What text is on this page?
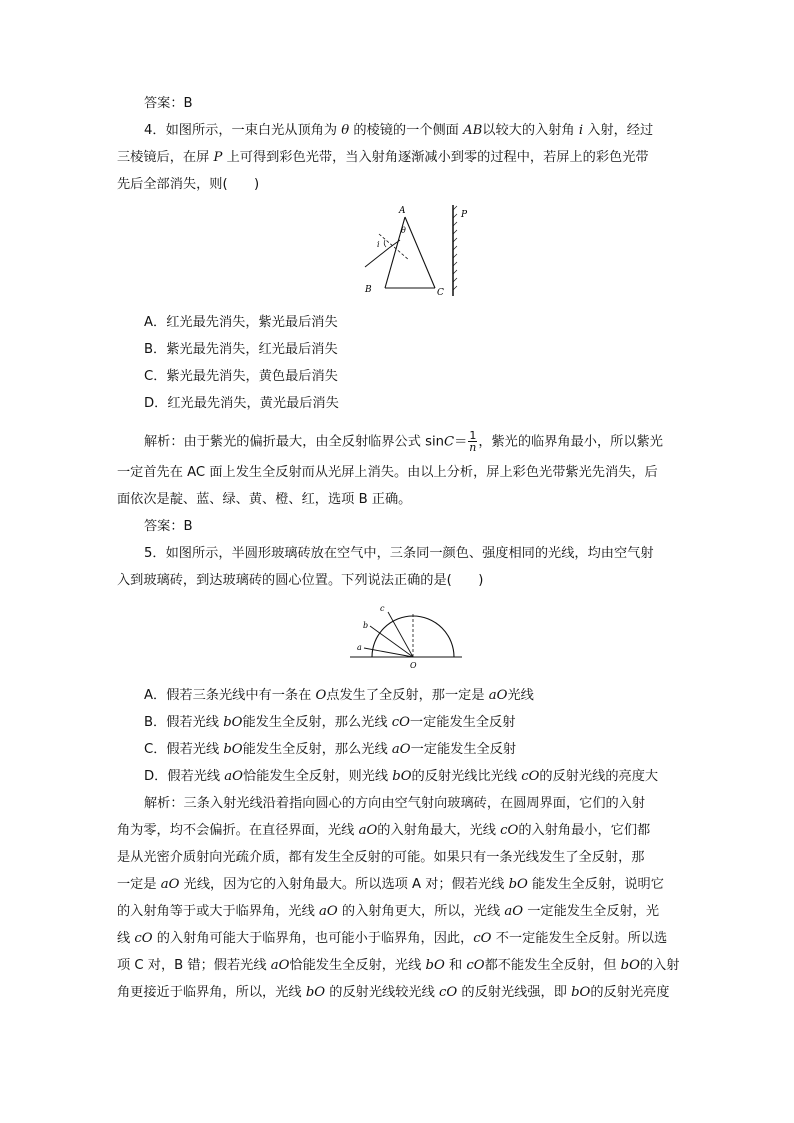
答案：B
4．如图所示，一束白光从顶角为 θ 的棱镜的一个侧面 AB以较大的入射角 i 入射，经过
三棱镜后，在屏 P 上可得到彩色光带，当入射角逐渐减小到零的过程中，若屏上的彩色光带
先后全部消失，则(　　)
A
θ
i
B	C
P
A．红光最先消失，紫光最后消失
B．紫光最先消失，红光最后消失
C．紫光最先消失，黄色最后消失
D．红光最先消失，黄光最后消失
解析：由于紫光的偏折最大，由全反射临界公式 $\sin C= \frac{1}{n}$ ，紫光的临界角最小，所以紫光
一定首先在 AC 面上发生全反射而从光屏上消失。由以上分析，屏上彩色光带紫光先消失，后
面依次是靛、蓝、绿、黄、橙、红，选项 B 正确。
答案：B
5．如图所示，半圆形玻璃砖放在空气中，三条同一颜色、强度相同的光线，均由空气射
入到玻璃砖，到达玻璃砖的圆心位置。下列说法正确的是(　　)
c
b
a
O
A．假若三条光线中有一条在 O点发生了全反射，那一定是 aO光线
B．假若光线 bO能发生全反射，那么光线 cO一定能发生全反射
C．假若光线 bO能发生全反射，那么光线 aO一定能发生全反射
D．假若光线 aO恰能发生全反射，则光线 bO的反射光线比光线 cO的反射光线的亮度大
解析：三条入射光线沿着指向圆心的方向由空气射向玻璃砖，在圆周界面，它们的入射
角为零，均不会偏折。在直径界面，光线 aO的入射角最大，光线 cO的入射角最小，它们都
是从光密介质射向光疏介质，都有发生全反射的可能。如果只有一条光线发生了全反射，那
一定是 aO 光线，因为它的入射角最大。所以选项 A 对；假若光线 bO 能发生全反射，说明它
的入射角等于或大于临界角，光线 aO 的入射角更大，所以，光线 aO 一定能发生全反射，光
线 cO 的入射角可能大于临界角，也可能小于临界角，因此，cO 不一定能发生全反射。所以选
项 C 对，B 错；假若光线 aO恰能发生全反射，光线 bO 和 cO都不能发生全反射，但 bO的入射
角更接近于临界角，所以，光线 bO 的反射光线较光线 cO 的反射光线强，即 bO的反射光亮度
